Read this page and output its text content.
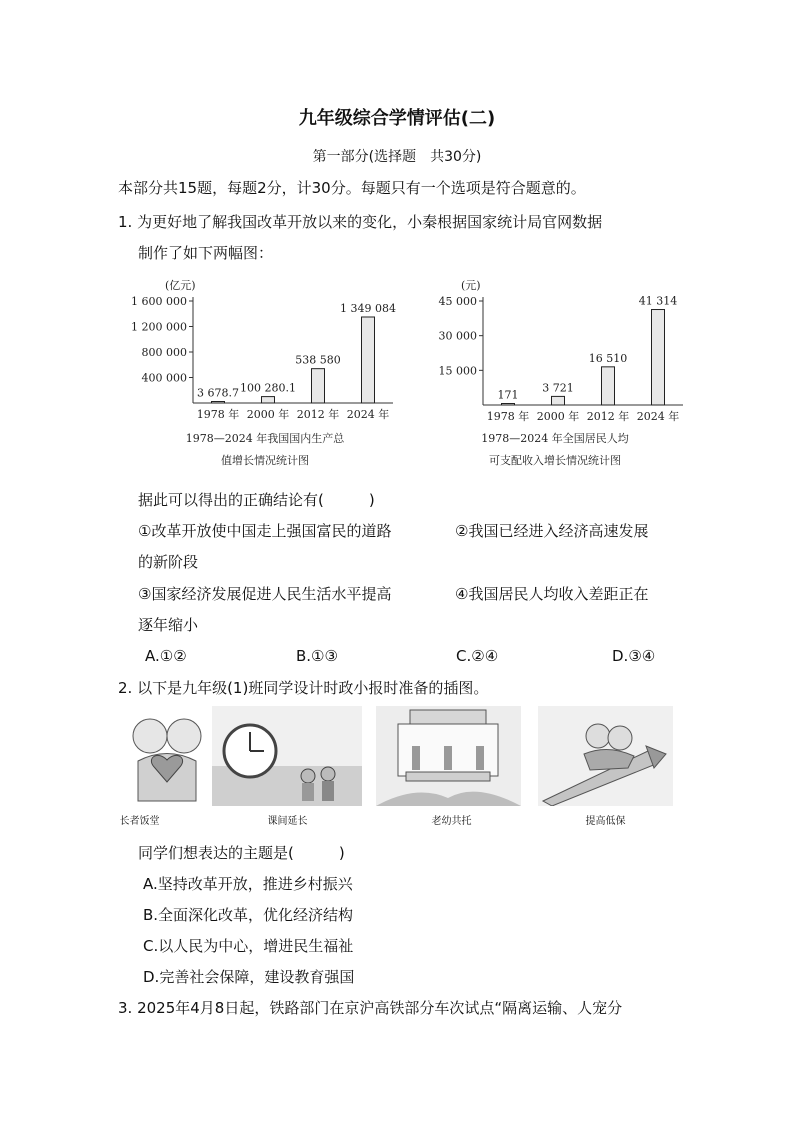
九年级综合学情评估(二)
第一部分(选择题　共30分)
本部分共15题，每题2分，计30分。每题只有一个选项是符合题意的。
1. 为更好地了解我国改革开放以来的变化，小秦根据国家统计局官网数据
制作了如下两幅图：
(亿元)
400 000
800 000
1 200 000
1 600 000
3 678.7
1978 年
100 280.1
2000 年
538 580
2012 年
1 349 084
2024 年
1978—2024 年我国国内生产总
值增长情况统计图
(元)
15 000
30 000
45 000
171
1978 年
3 721
2000 年
16 510
2012 年
41 314
2024 年
1978—2024 年全国居民人均
可支配收入增长情况统计图
据此可以得出的正确结论有(　　　)
①改革开放使中国走上强国富民的道路	②我国已经进入经济高速发展
的新阶段
③国家经济发展促进人民生活水平提高	④我国居民人均收入差距正在
逐年缩小
A.①②	B.①③	C.②④	D.③④
2. 以下是九年级(1)班同学设计时政小报时准备的插图。
长者饭堂	课间延长	老幼共托	提高低保
同学们想表达的主题是(　　　)
A.坚持改革开放，推进乡村振兴
B.全面深化改革，优化经济结构
C.以人民为中心，增进民生福祉
D.完善社会保障，建设教育强国
3. 2025年4月8日起，铁路部门在京沪高铁部分车次试点“隔离运输、人宠分
